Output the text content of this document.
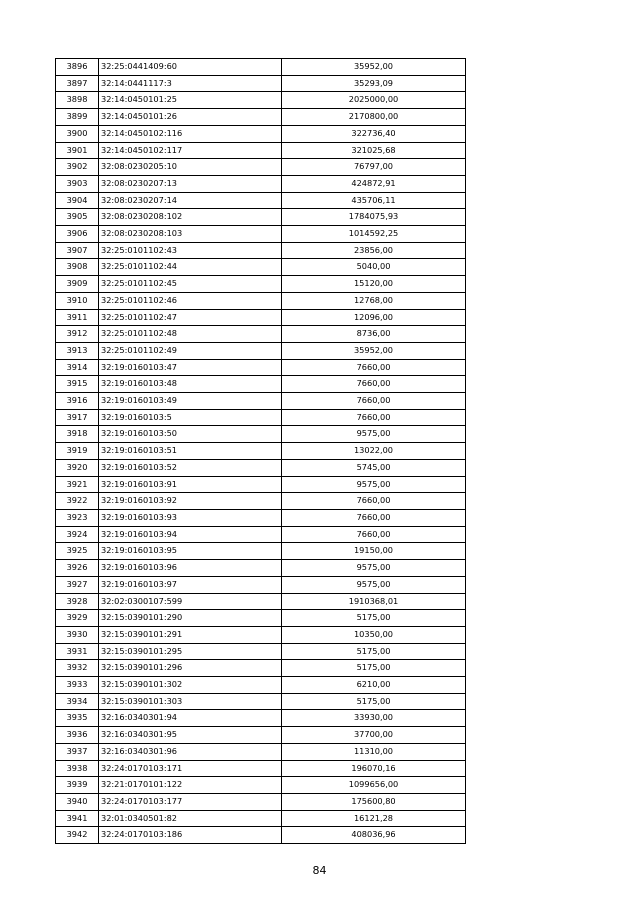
3896	32:25:0441409:60	35952,00
3897	32:14:0441117:3	35293,09
3898	32:14:0450101:25	2025000,00
3899	32:14:0450101:26	2170800,00
3900	32:14:0450102:116	322736,40
3901	32:14:0450102:117	321025,68
3902	32:08:0230205:10	76797,00
3903	32:08:0230207:13	424872,91
3904	32:08:0230207:14	435706,11
3905	32:08:0230208:102	1784075,93
3906	32:08:0230208:103	1014592,25
3907	32:25:0101102:43	23856,00
3908	32:25:0101102:44	5040,00
3909	32:25:0101102:45	15120,00
3910	32:25:0101102:46	12768,00
3911	32:25:0101102:47	12096,00
3912	32:25:0101102:48	8736,00
3913	32:25:0101102:49	35952,00
3914	32:19:0160103:47	7660,00
3915	32:19:0160103:48	7660,00
3916	32:19:0160103:49	7660,00
3917	32:19:0160103:5	7660,00
3918	32:19:0160103:50	9575,00
3919	32:19:0160103:51	13022,00
3920	32:19:0160103:52	5745,00
3921	32:19:0160103:91	9575,00
3922	32:19:0160103:92	7660,00
3923	32:19:0160103:93	7660,00
3924	32:19:0160103:94	7660,00
3925	32:19:0160103:95	19150,00
3926	32:19:0160103:96	9575,00
3927	32:19:0160103:97	9575,00
3928	32:02:0300107:599	1910368,01
3929	32:15:0390101:290	5175,00
3930	32:15:0390101:291	10350,00
3931	32:15:0390101:295	5175,00
3932	32:15:0390101:296	5175,00
3933	32:15:0390101:302	6210,00
3934	32:15:0390101:303	5175,00
3935	32:16:0340301:94	33930,00
3936	32:16:0340301:95	37700,00
3937	32:16:0340301:96	11310,00
3938	32:24:0170103:171	196070,16
3939	32:21:0170101:122	1099656,00
3940	32:24:0170103:177	175600,80
3941	32:01:0340501:82	16121,28
3942	32:24:0170103:186	408036,96
84
